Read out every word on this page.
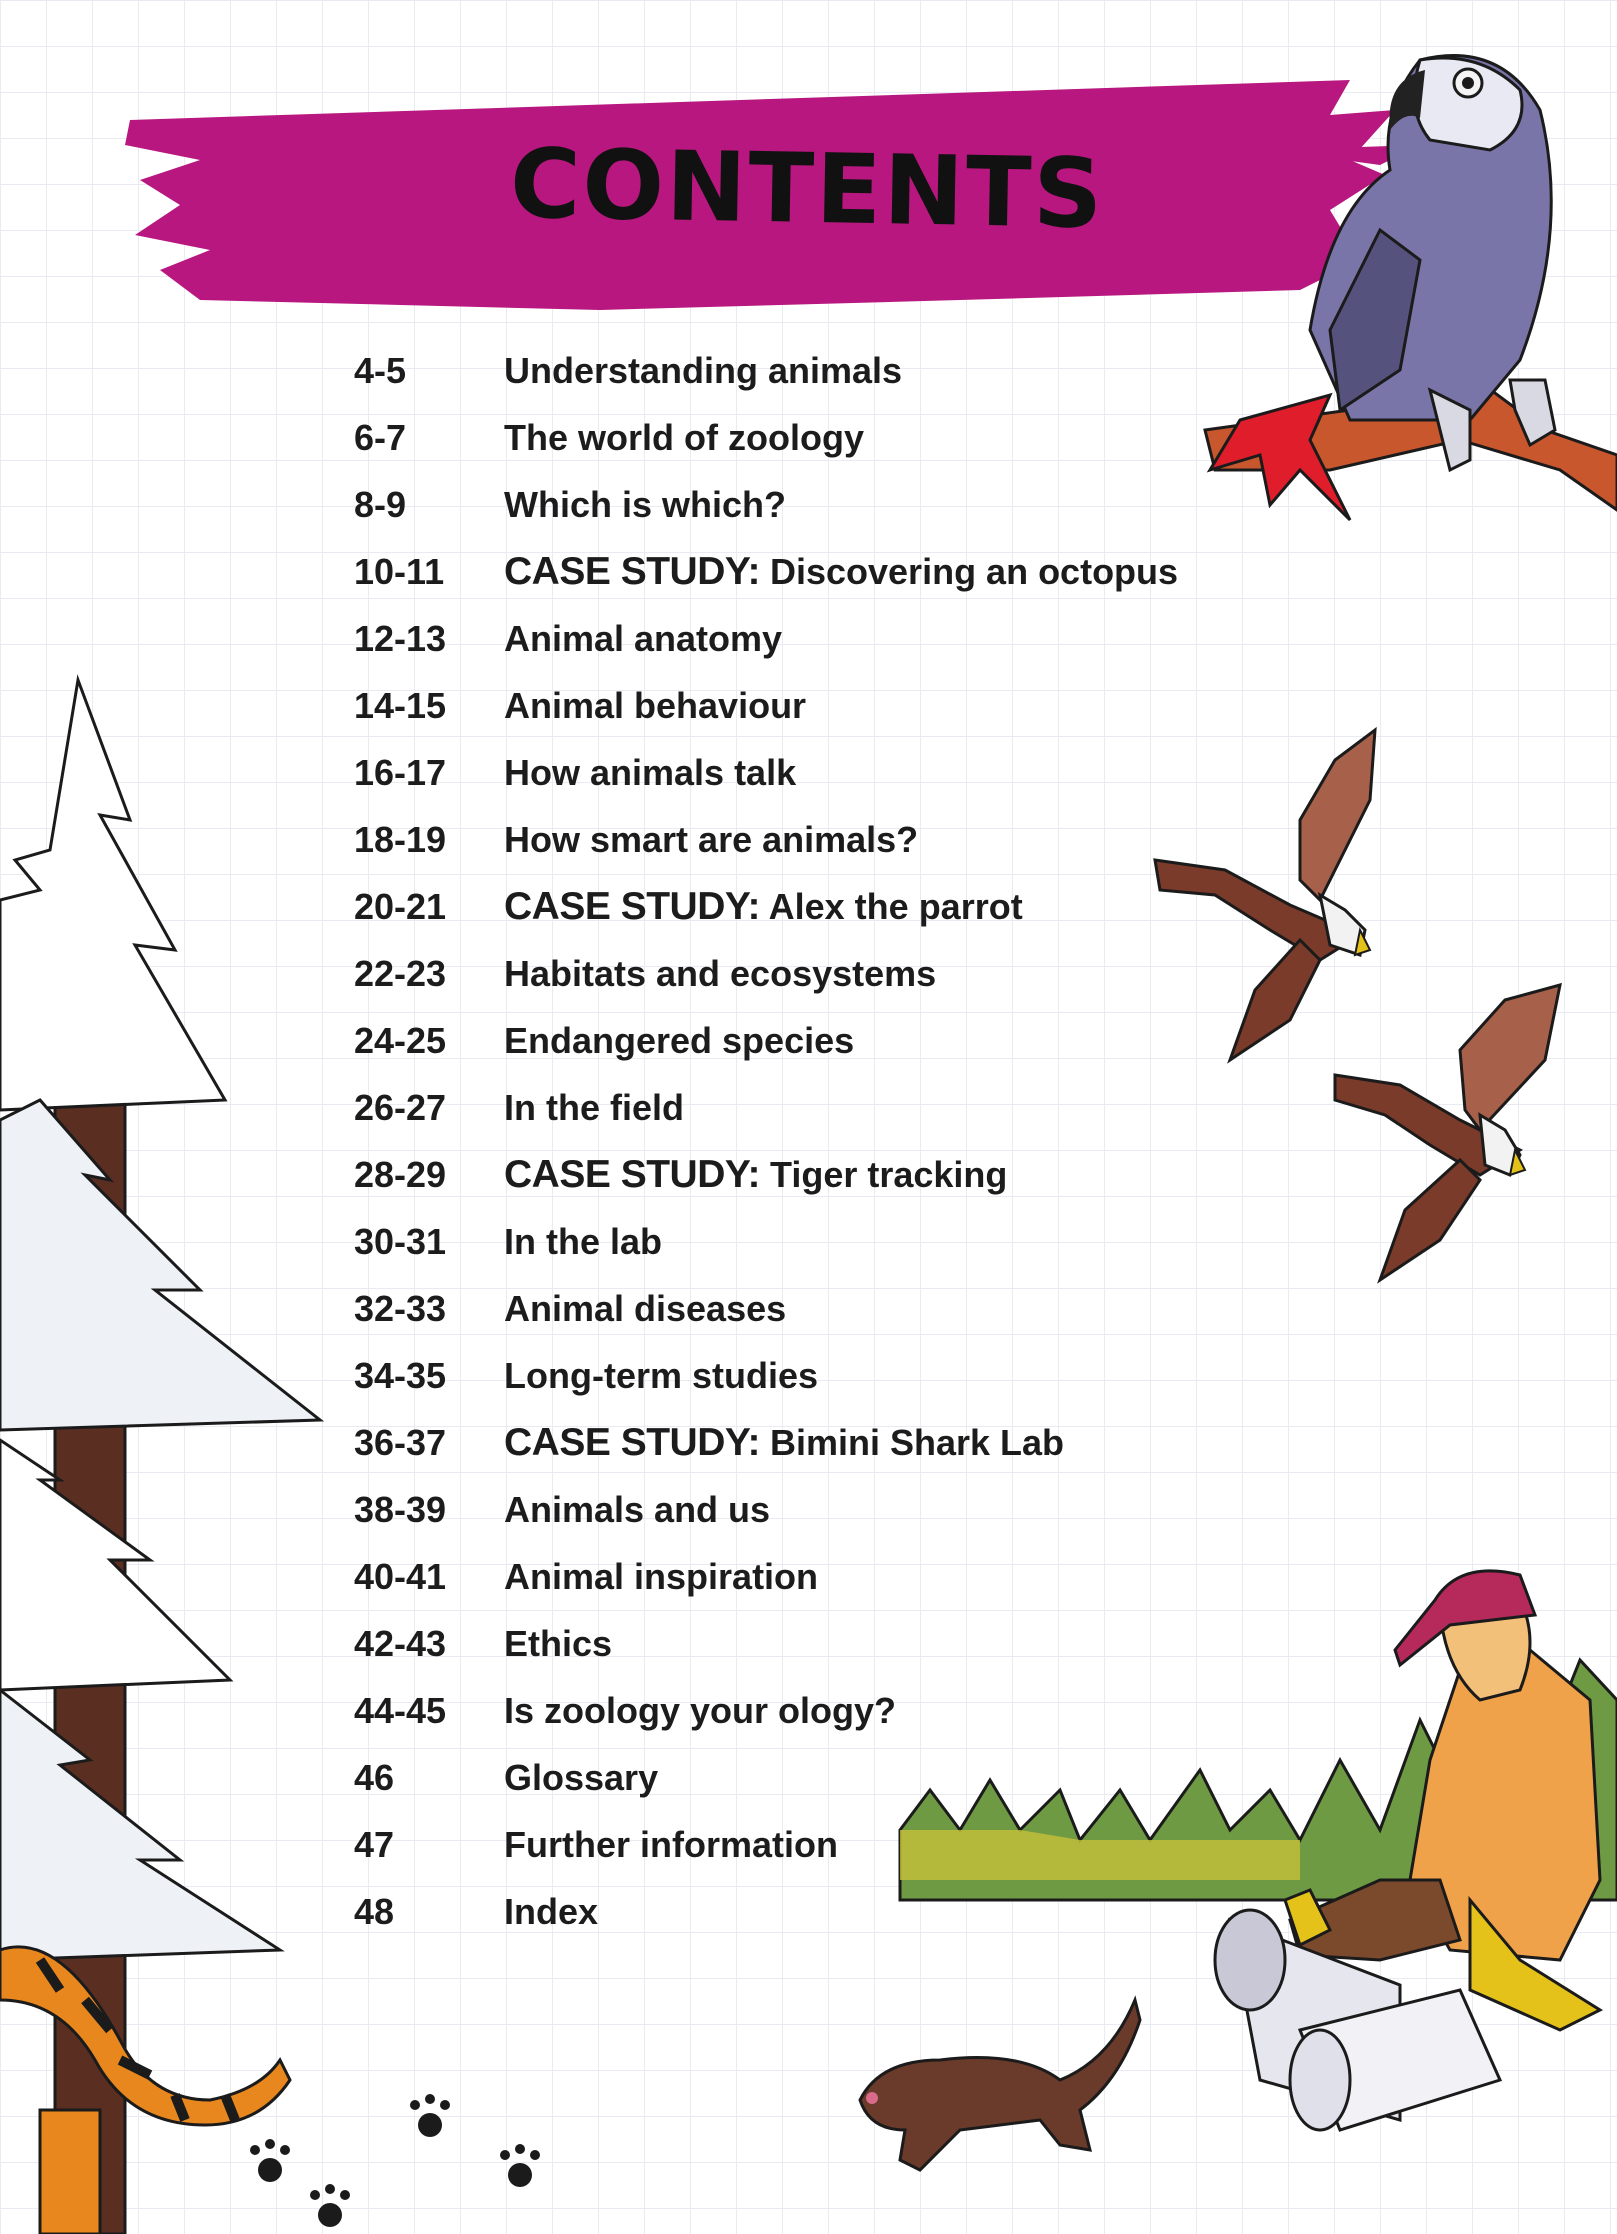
CONTENTS
4-5	Understanding animals
6-7	The world of zoology
8-9	Which is which?
10-11	CASE STUDY: Discovering an octopus
12-13	Animal anatomy
14-15	Animal behaviour
16-17	How animals talk
18-19	How smart are animals?
20-21	CASE STUDY: Alex the parrot
22-23	Habitats and ecosystems
24-25	Endangered species
26-27	In the field
28-29	CASE STUDY: Tiger tracking
30-31	In the lab
32-33	Animal diseases
34-35	Long-term studies
36-37	CASE STUDY: Bimini Shark Lab
38-39	Animals and us
40-41	Animal inspiration
42-43	Ethics
44-45	Is zoology your ology?
46	Glossary
47	Further information
48	Index
